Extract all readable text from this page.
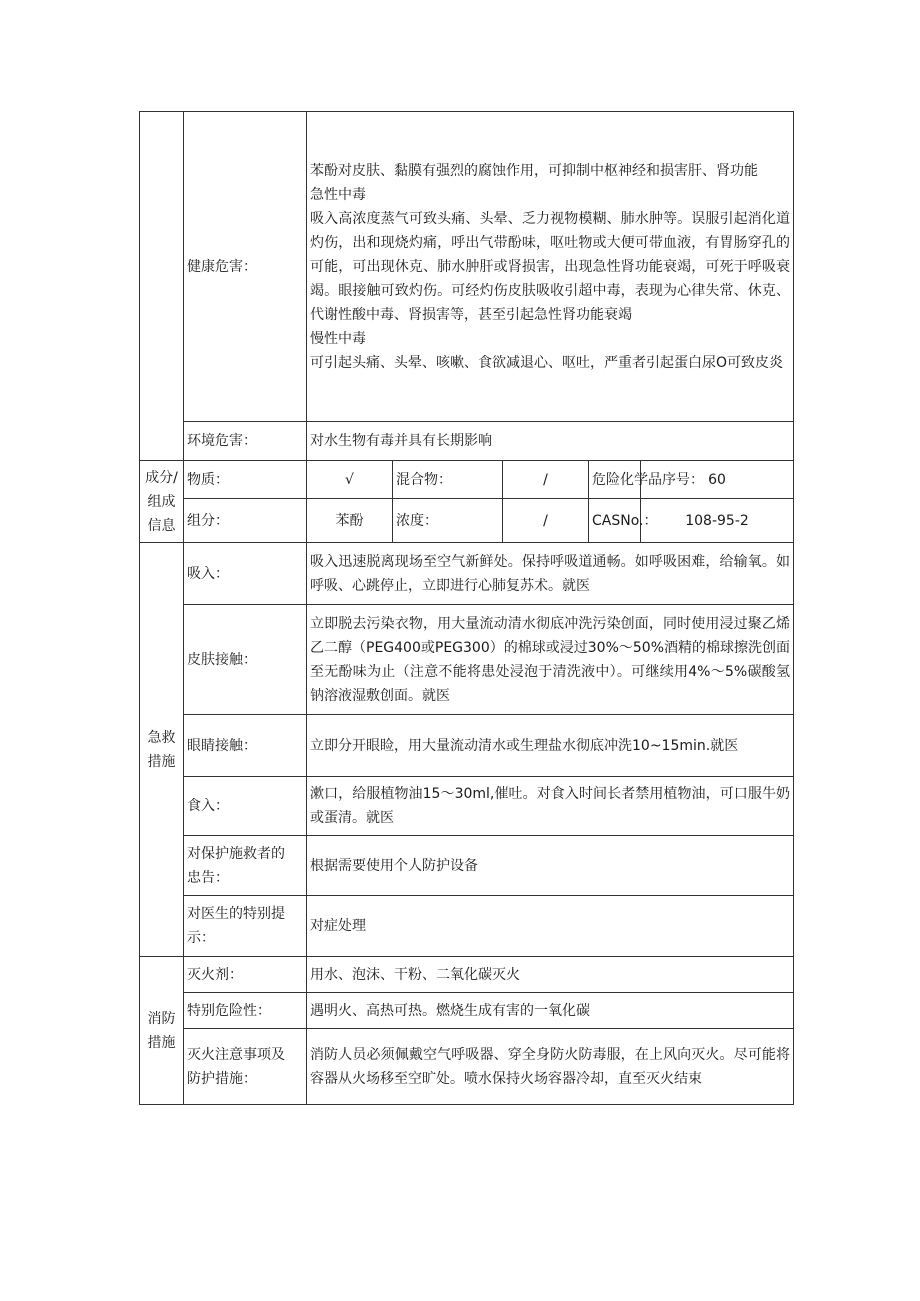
	健康危害：	苯酚对皮肤、黏膜有强烈的腐蚀作用，可抑制中枢神经和损害肝、肾功能
急性中毒
吸入高浓度蒸气可致头痛、头晕、乏力视物模糊、肺水肿等。误服引起消化道灼伤，出和现烧灼痛，呼出气带酚味，呕吐物或大便可带血液，有胃肠穿孔的可能，可出现休克、肺水肿肝或肾损害，出现急性肾功能衰竭，可死于呼吸衰竭。眼接触可致灼伤。可经灼伤皮肤吸收引超中毒，表现为心律失常、休克、代谢性酸中毒、肾损害等，甚至引起急性肾功能衰竭
慢性中毒
可引起头痛、头晕、咳嗽、食欲减退心、呕吐，严重者引起蛋白尿O可致皮炎				

	环境危害：	对水生物有毒并具有长期影响				

成分/
组成
信息	物质：	√	混合物：	/	危险化学品序号：	60
	组分：	苯酚	浓度：	/	CASNo.：	108-95-2

急救
措施	吸入：	吸入迅速脱离现场至空气新鲜处。保持呼吸道通畅。如呼吸困难，给输氧。如呼吸、心跳停止，立即进行心肺复苏术。就医				
	皮肤接触：	立即脱去污染衣物，用大量流动清水彻底冲洗污染创面，同时使用浸过聚乙烯乙二醇（PEG400或PEG300）的棉球或浸过30%～50%酒精的棉球擦洗创面至无酚味为止（注意不能将患处浸泡于清洗液中）。可继续用4%～5%碳酸氢钠溶液湿敷创面。就医				
	眼睛接触：	立即分开眼睑，用大量流动清水或生理盐水彻底冲洗10~15min.就医				
	食入：	漱口，给服植物油15～30ml,催吐。对食入时间长者禁用植物油，可口服牛奶或蛋清。就医				

	对保护施救者的
忠告：	根据需要使用个人防护设备				

	对医生的特别提
示：	对症处理				

消防
措施	灭火剂：	用水、泡沫、干粉、二氧化碳灭火				
	特别危险性：	遇明火、高热可热。燃烧生成有害的一氧化碳				

	灭火注意事项及
防护措施：	消防人员必须佩戴空气呼吸器、穿全身防火防毒服，在上风向灭火。尽可能将容器从火场移至空旷处。喷水保持火场容器冷却，直至灭火结束				
